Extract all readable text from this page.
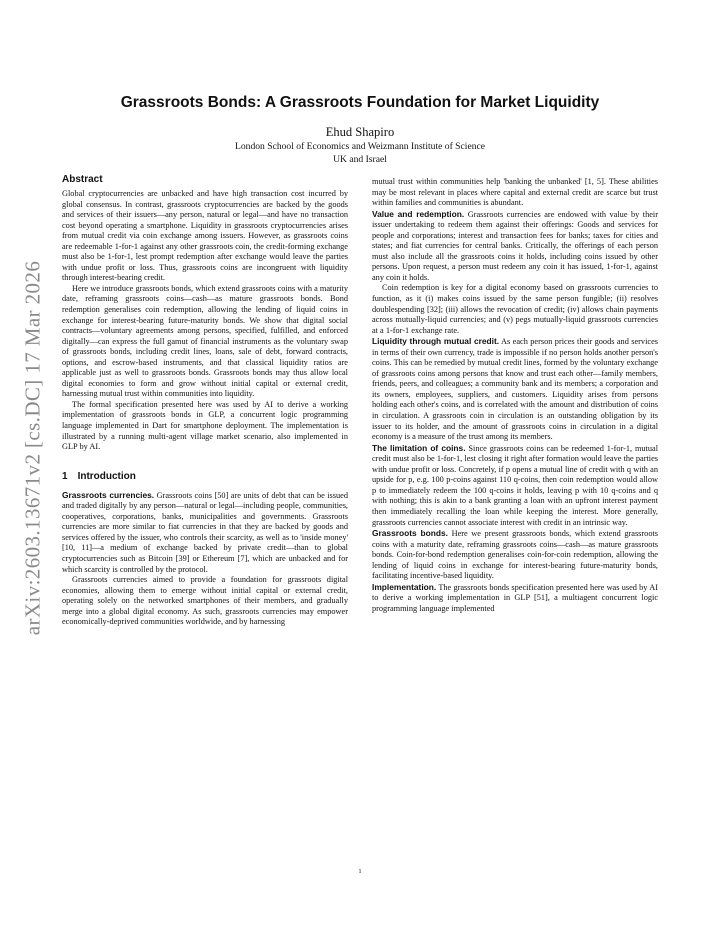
arXiv:2603.13671v2 [cs.DC] 17 Mar 2026
Grassroots Bonds: A Grassroots Foundation for Market Liquidity
Ehud Shapiro
London School of Economics and Weizmann Institute of Science
UK and Israel
Abstract

Global cryptocurrencies are unbacked and have high transaction cost incurred by global consensus. In contrast, grassroots cryptocurrencies are backed by the goods and services of their issuers—any person, natural or legal—and have no transaction cost beyond operating a smartphone. Liquidity in grassroots cryptocurrencies arises from mutual credit via coin exchange among issuers. However, as grassroots coins are redeemable 1-for-1 against any other grassroots coin, the credit-forming exchange must also be 1-for-1, lest prompt redemption after exchange would leave the parties with undue profit or loss. Thus, grassroots coins are incongruent with liquidity through interest-bearing credit.

Here we introduce grassroots bonds, which extend grassroots coins with a maturity date, reframing grassroots coins—cash—as mature grassroots bonds. Bond redemption generalises coin redemption, allowing the lending of liquid coins in exchange for interest-bearing future-maturity bonds. We show that digital social contracts—voluntary agreements among persons, specified, fulfilled, and enforced digitally—can express the full gamut of financial instruments as the voluntary swap of grassroots bonds, including credit lines, loans, sale of debt, forward contracts, options, and escrow-based instruments, and that classical liquidity ratios are applicable just as well to grassroots bonds. Grassroots bonds may thus allow local digital economies to form and grow without initial capital or external credit, harnessing mutual trust within communities into liquidity.

The formal specification presented here was used by AI to derive a working implementation of grassroots bonds in GLP, a concurrent logic programming language implemented in Dart for smartphone deployment. The implementation is illustrated by a running multi-agent village market scenario, also implemented in GLP by AI.

1 Introduction

Grassroots currencies. Grassroots coins [50] are units of debt that can be issued and traded digitally by any person—natural or legal—including people, communities, cooperatives, corporations, banks, municipalities and governments. Grassroots currencies are more similar to fiat currencies in that they are backed by goods and services offered by the issuer, who controls their scarcity, as well as to 'inside money' [10, 11]—a medium of exchange backed by private credit—than to global cryptocurrencies such as Bitcoin [39] or Ethereum [7], which are unbacked and for which scarcity is controlled by the protocol.

Grassroots currencies aimed to provide a foundation for grassroots digital economies, allowing them to emerge without initial capital or external credit, operating solely on the networked smartphones of their members, and gradually merge into a global digital economy. As such, grassroots currencies may empower economically-deprived communities worldwide, and by harnessing

mutual trust within communities help 'banking the unbanked' [1, 5]. These abilities may be most relevant in places where capital and external credit are scarce but trust within families and communities is abundant.

Value and redemption. Grassroots currencies are endowed with value by their issuer undertaking to redeem them against their offerings: Goods and services for people and corporations; interest and transaction fees for banks; taxes for cities and states; and fiat currencies for central banks. Critically, the offerings of each person must also include all the grassroots coins it holds, including coins issued by other persons. Upon request, a person must redeem any coin it has issued, 1-for-1, against any coin it holds.

Coin redemption is key for a digital economy based on grassroots currencies to function, as it (i) makes coins issued by the same person fungible; (ii) resolves doublespending [32]; (iii) allows the revocation of credit; (iv) allows chain payments across mutually-liquid currencies; and (v) pegs mutually-liquid grassroots currencies at a 1-for-1 exchange rate.

Liquidity through mutual credit. As each person prices their goods and services in terms of their own currency, trade is impossible if no person holds another person's coins. This can be remedied by mutual credit lines, formed by the voluntary exchange of grassroots coins among persons that know and trust each other—family members, friends, peers, and colleagues; a community bank and its members; a corporation and its owners, employees, suppliers, and customers. Liquidity arises from persons holding each other's coins, and is correlated with the amount and distribution of coins in circulation. A grassroots coin in circulation is an outstanding obligation by its issuer to its holder, and the amount of grassroots coins in circulation in a digital economy is a measure of the trust among its members.

The limitation of coins. Since grassroots coins can be redeemed 1-for-1, mutual credit must also be 1-for-1, lest closing it right after formation would leave the parties with undue profit or loss. Concretely, if p opens a mutual line of credit with q with an upside for p, e.g. 100 p-coins against 110 q-coins, then coin redemption would allow p to immediately redeem the 100 q-coins it holds, leaving p with 10 q-coins and q with nothing; this is akin to a bank granting a loan with an upfront interest payment then immediately recalling the loan while keeping the interest. More generally, grassroots currencies cannot associate interest with credit in an intrinsic way.

Grassroots bonds. Here we present grassroots bonds, which extend grassroots coins with a maturity date, reframing grassroots coins—cash—as mature grassroots bonds. Coin-for-bond redemption generalises coin-for-coin redemption, allowing the lending of liquid coins in exchange for interest-bearing future-maturity bonds, facilitating incentive-based liquidity.

Implementation. The grassroots bonds specification presented here was used by AI to derive a working implementation in GLP [51], a multiagent concurrent logic programming language implemented

1
